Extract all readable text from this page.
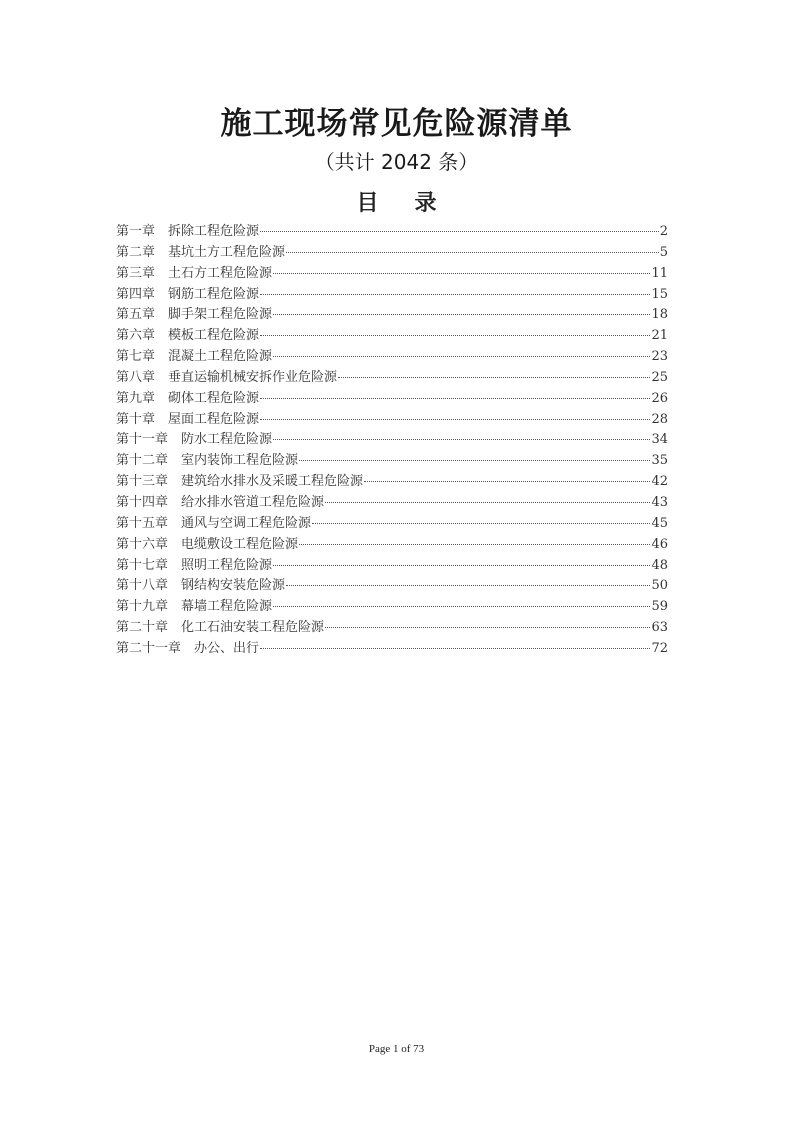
施工现场常见危险源清单
（共计 2042 条）
目 录
第一章 拆除工程危险源	2
第二章 基坑土方工程危险源	5
第三章 土石方工程危险源	11
第四章 钢筋工程危险源	15
第五章 脚手架工程危险源	18
第六章 模板工程危险源	21
第七章 混凝土工程危险源	23
第八章 垂直运输机械安拆作业危险源	25
第九章 砌体工程危险源	26
第十章 屋面工程危险源	28
第十一章 防水工程危险源	34
第十二章 室内装饰工程危险源	35
第十三章 建筑给水排水及采暖工程危险源	42
第十四章 给水排水管道工程危险源	43
第十五章 通风与空调工程危险源	45
第十六章 电缆敷设工程危险源	46
第十七章 照明工程危险源	48
第十八章 钢结构安装危险源	50
第十九章 幕墙工程危险源	59
第二十章 化工石油安装工程危险源	63
第二十一章 办公、出行	72
Page 1 of 73
